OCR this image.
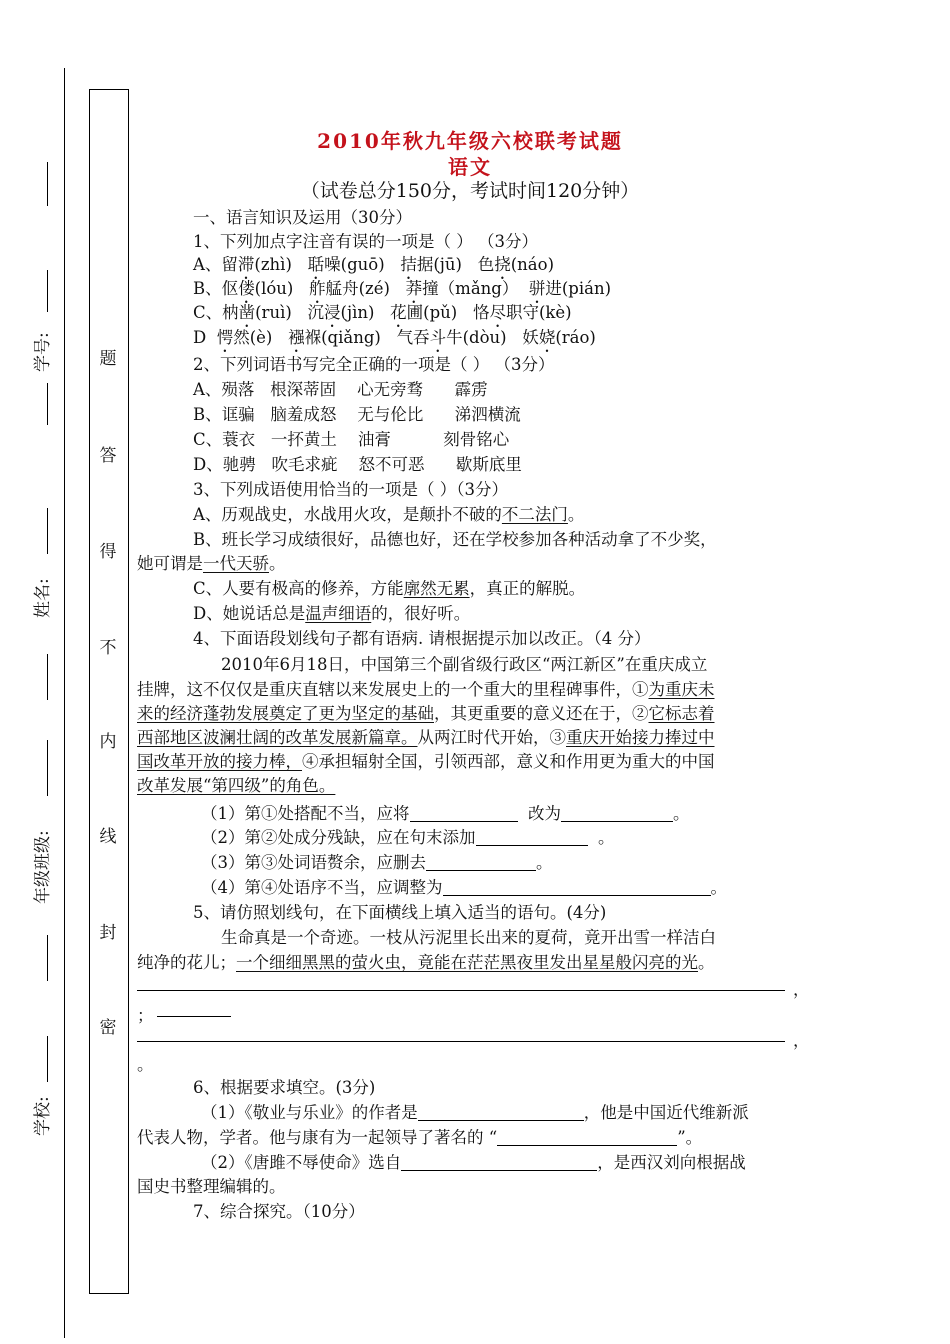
题
答
得
不
内
线
封
密
学号:
姓名:
年级班级:
学校:
2010年秋九年级六校联考试题
语文
（试卷总分150分，考试时间120分钟）
一、语言知识及运用（30分）
1、下列加点字注音有误的一项是（ ） （3分）
A、留滞(zhì)   聒噪(guō)   拮据(jū)   色挠(náo)
B、伛偻(lóu)   舴艋舟(zé)   莽撞（mǎng）  骈进(pián)
C、枘凿(ruì)   沉浸(jìn)   花圃(pǔ)   恪尽职守(kè)
D  愕然(è)   襁褓(qiǎng)   气吞斗牛(dòu)   妖娆(ráo)
2、下列词语书写完全正确的一项是（ ） （3分）
A、殒落   根深蒂固    心无旁骛      霹雳
B、诓骗   脑羞成怒    无与伦比      涕泗横流
C、蓑衣   一抔黄土    油膏          刻骨铭心
D、驰骋   吹毛求疵    怒不可恶      歇斯底里
3、下列成语使用恰当的一项是（ ）（3分）
A、历观战史，水战用火攻，是颠扑不破的不二法门。
B、班长学习成绩很好，品德也好，还在学校参加各种活动拿了不少奖，
她可谓是一代天骄。
C、人要有极高的修养，方能廓然无累，真正的解脱。
D、她说话总是温声细语的，很好听。
4、下面语段划线句子都有语病. 请根据提示加以改正。（4 分）
2010年6月18日，中国第三个副省级行政区“两江新区”在重庆成立
挂牌，这不仅仅是重庆直辖以来发展史上的一个重大的里程碑事件，①为重庆未
来的经济蓬勃发展奠定了更为坚定的基础，其更重要的意义还在于，②它标志着
西部地区波澜壮阔的改革发展新篇章。从两江时代开始，③重庆开始接力捧过中
国改革开放的接力棒，④承担辐射全国，引领西部，意义和作用更为重大的中国
改革发展“第四级”的角色。
（1）第①处搭配不当，应将	改为	。
（2）第②处成分残缺，应在句末添加	。
（3）第③处词语赘余，应删去	。
（4）第④处语序不当，应调整为	。
5、请仿照划线句，在下面横线上填入适当的语句。(4分)
生命真是一个奇迹。一枝从污泥里长出来的夏荷，竟开出雪一样洁白
纯净的花儿；一个细细黑黑的萤火虫，竟能在茫茫黑夜里发出星星般闪亮的光。
，
；
，
。
6、根据要求填空。(3分)
（1）《敬业与乐业》的作者是	，他是中国近代维新派
代表人物，学者。他与康有为一起领导了著名的 “	”。
（2）《唐雎不辱使命》选自	，是西汉刘向根据战
国史书整理编辑的。
7、综合探究。（10分）
